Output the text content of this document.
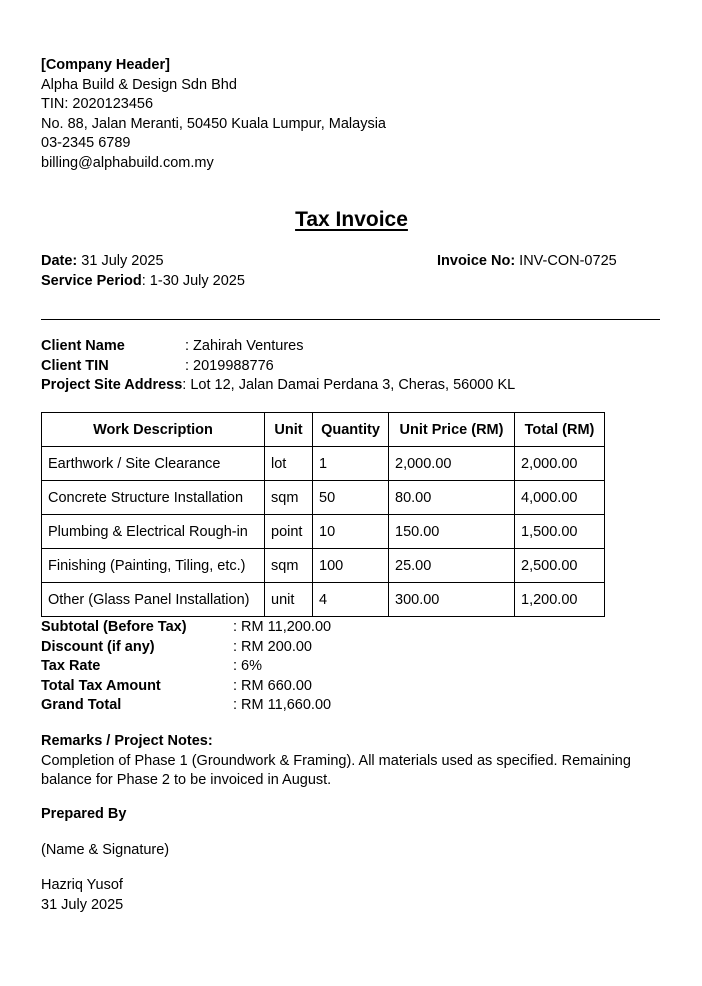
[Company Header]
Alpha Build & Design Sdn Bhd
TIN: 2020123456
No. 88, Jalan Meranti, 50450 Kuala Lumpur, Malaysia
03-2345 6789
billing@alphabuild.com.my
Tax Invoice
Date: 31 July 2025
Service Period: 1-30 July 2025
Invoice No: INV-CON-0725
Client Name	: Zahirah Ventures
Client TIN	: 2019988776
Project Site Address: Lot 12, Jalan Damai Perdana 3, Cheras, 56000 KL
Work Description	Unit	Quantity	Unit Price (RM)	Total (RM)
Earthwork / Site Clearance	lot	1	2,000.00	2,000.00
Concrete Structure Installation	sqm	50	80.00	4,000.00
Plumbing & Electrical Rough-in	point	10	150.00	1,500.00
Finishing (Painting, Tiling, etc.)	sqm	100	25.00	2,500.00
Other (Glass Panel Installation)	unit	4	300.00	1,200.00
Subtotal (Before Tax)	: RM 11,200.00
Discount (if any)	: RM 200.00
Tax Rate	: 6%
Total Tax Amount	: RM 660.00
Grand Total	: RM 11,660.00
Remarks / Project Notes:
Completion of Phase 1 (Groundwork & Framing). All materials used as specified. Remaining balance for Phase 2 to be invoiced in August.
Prepared By
(Name & Signature)
Hazriq Yusof
31 July 2025
